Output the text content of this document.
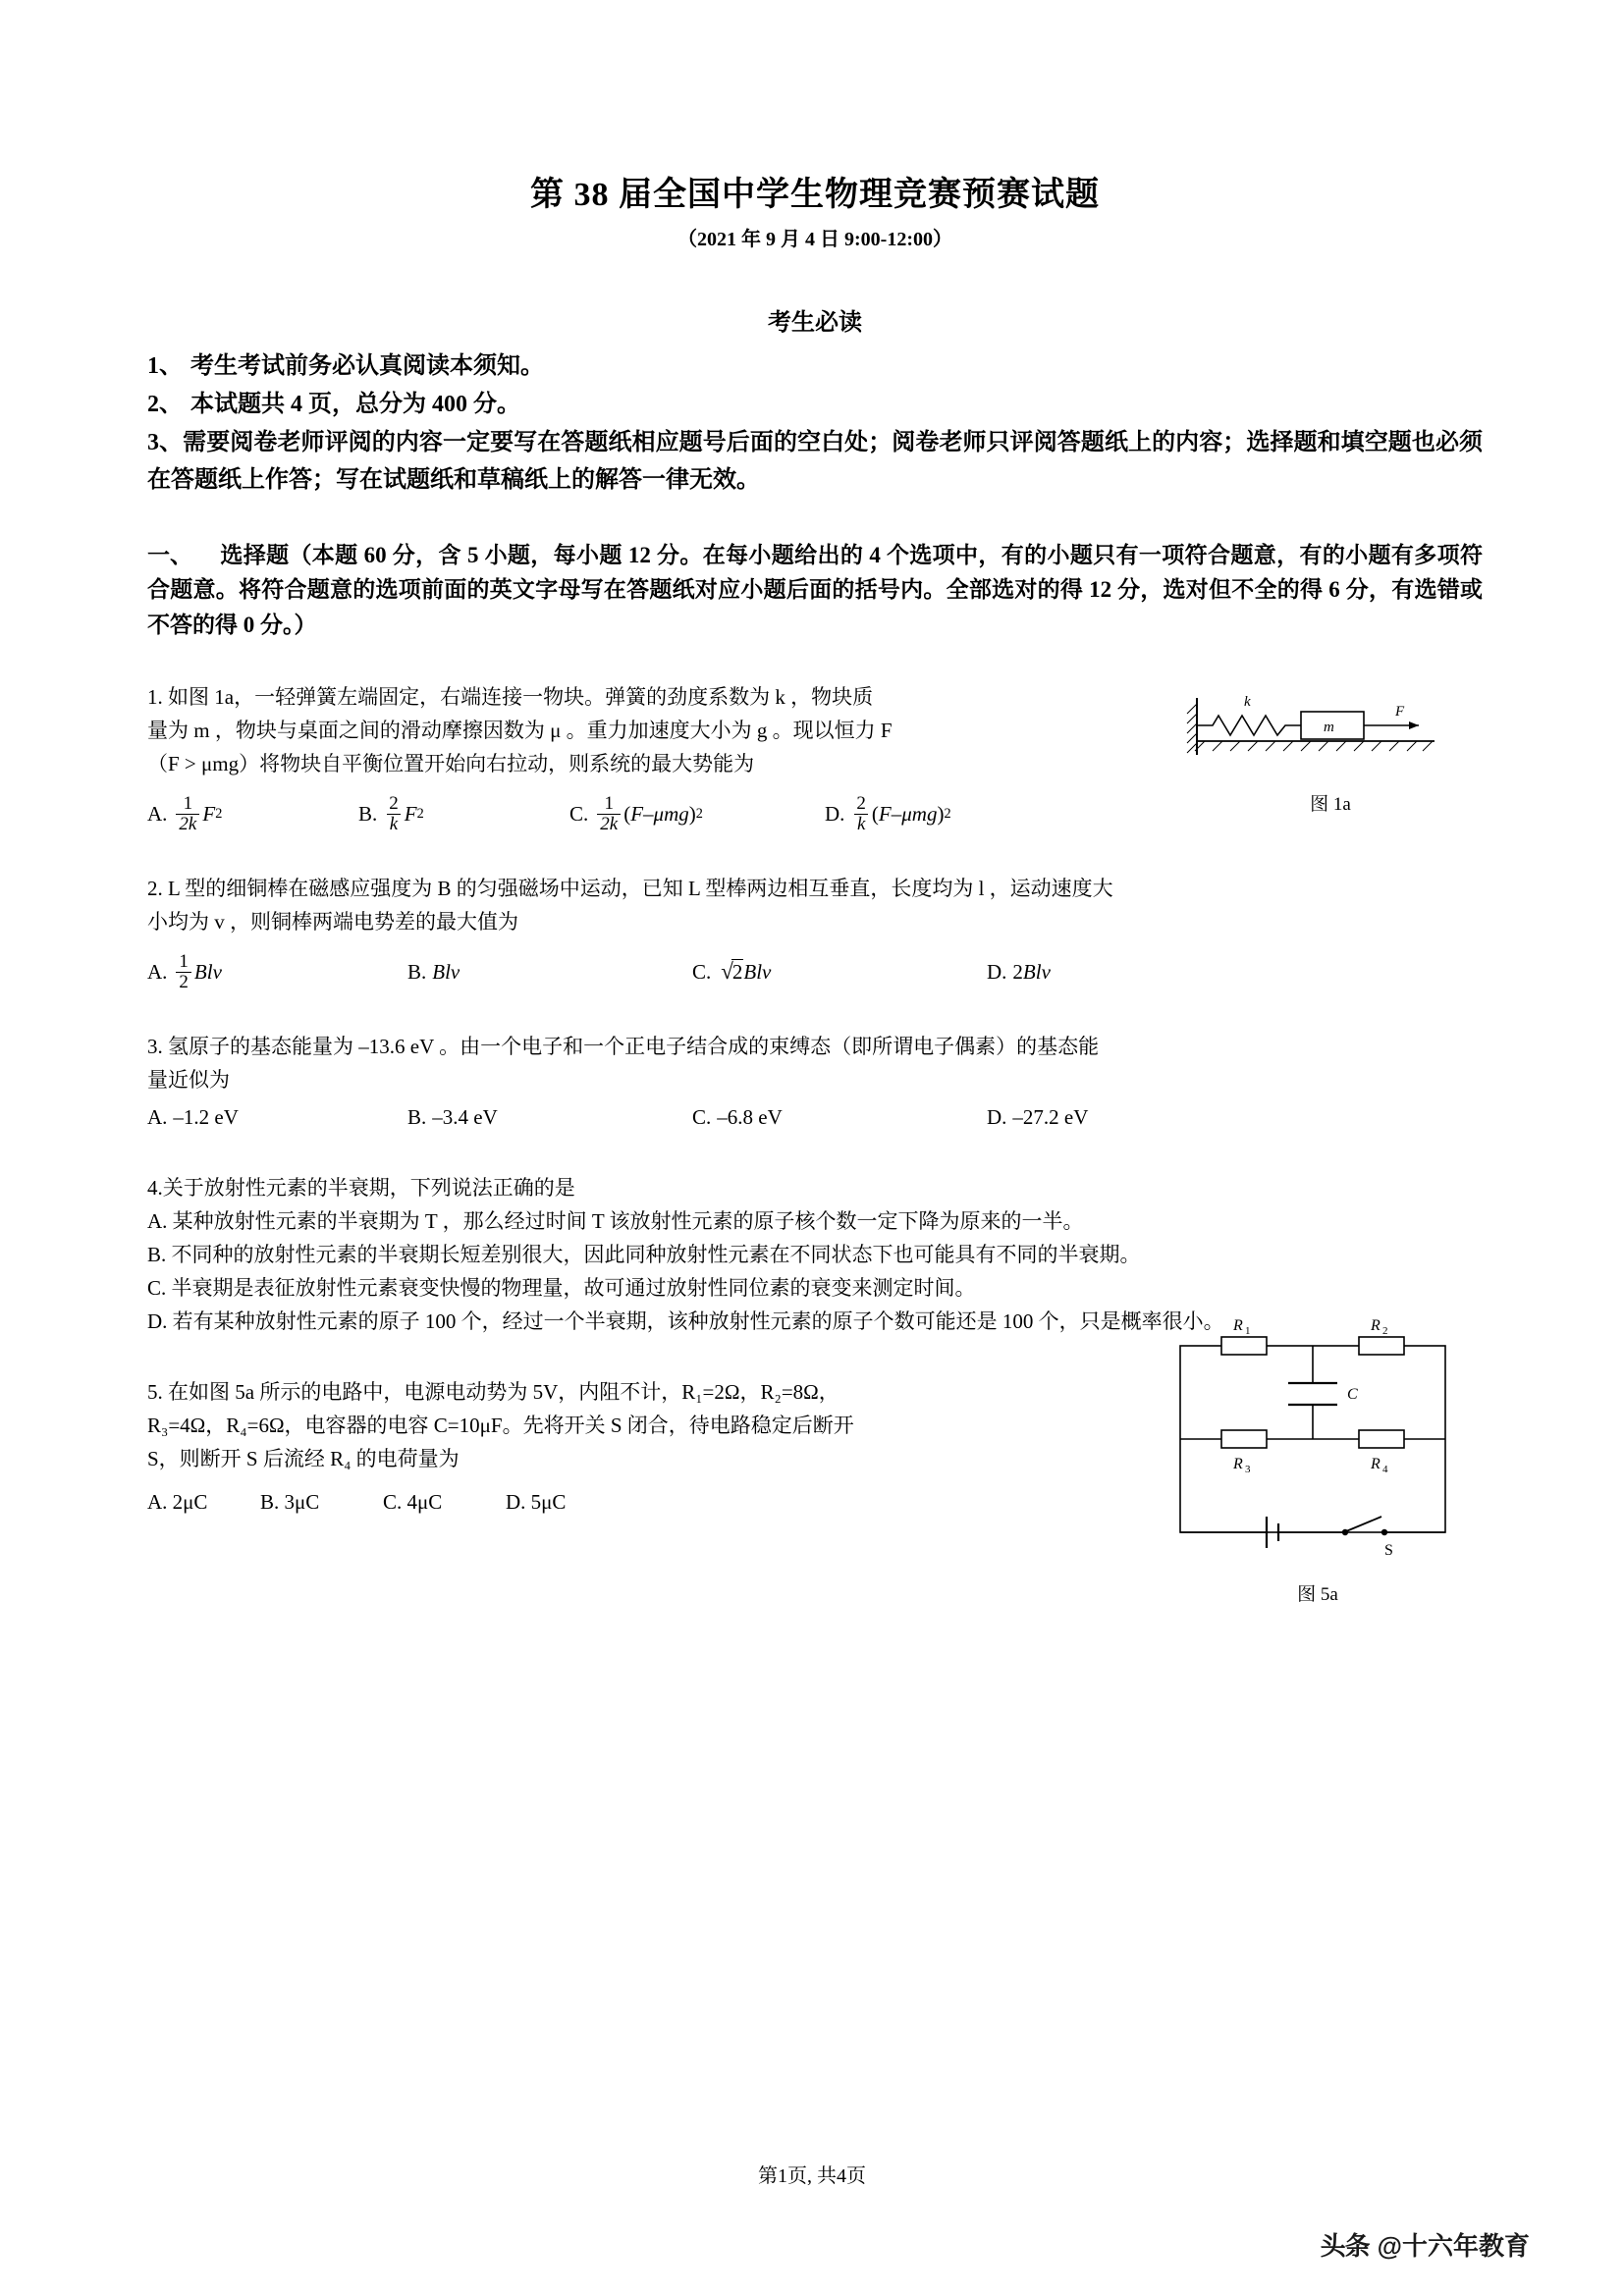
第 38 届全国中学生物理竞赛预赛试题
（2021 年 9 月 4 日 9:00-12:00）
考生必读
1、 考生考试前务必认真阅读本须知。
2、 本试题共 4 页，总分为 400 分。
3、需要阅卷老师评阅的内容一定要写在答题纸相应题号后面的空白处；阅卷老师只评阅答题纸上的内容；选择题和填空题也必须在答题纸上作答；写在试题纸和草稿纸上的解答一律无效。
一、 选择题（本题 60 分，含 5 小题，每小题 12 分。在每小题给出的 4 个选项中，有的小题只有一项符合题意，有的小题有多项符合题意。将符合题意的选项前面的英文字母写在答题纸对应小题后面的括号内。全部选对的得 12 分，选对但不全的得 6 分，有选错或不答的得 0 分。）
1. 如图 1a，一轻弹簧左端固定，右端连接一物块。弹簧的劲度系数为 k ，物块质
量为 m ，物块与桌面之间的滑动摩擦因数为 μ 。重力加速度大小为 g 。现以恒力 F
（F > μmg）将物块自平衡位置开始向右拉动，则系统的最大势能为
k
m
F
图 1a
A. $\frac{1}{2k}$ F 2	B. $\frac{2}{k}$ F 2	C. $\frac{1}{2k}$ ( F – μmg ) 2	D. $\frac{2}{k}$ ( F – μmg ) 2
2. L 型的细铜棒在磁感应强度为 B 的匀强磁场中运动，已知 L 型棒两边相互垂直，长度均为 l ，运动速度大
小均为 v ，则铜棒两端电势差的最大值为
A. $\frac{1}{2}$ Blv	B. Blv	C. √2 Blv	D. 2 Blv
3. 氢原子的基态能量为 –13.6 eV 。由一个电子和一个正电子结合成的束缚态（即所谓电子偶素）的基态能
量近似为
A. –1.2 eV	B. –3.4 eV	C. –6.8 eV	D. –27.2 eV
4.关于放射性元素的半衰期，下列说法正确的是
A. 某种放射性元素的半衰期为 T ，那么经过时间 T 该放射性元素的原子核个数一定下降为原来的一半。
B. 不同种的放射性元素的半衰期长短差别很大，因此同种放射性元素在不同状态下也可能具有不同的半衰期。
C. 半衰期是表征放射性元素衰变快慢的物理量，故可通过放射性同位素的衰变来测定时间。
D. 若有某种放射性元素的原子 100 个，经过一个半衰期，该种放射性元素的原子个数可能还是 100 个，只是概率很小。
5. 在如图 5a 所示的电路中，电源电动势为 5V，内阻不计，R₁=2Ω，R₂=8Ω，
R₃=4Ω，R₄=6Ω，电容器的电容 C=10μF。先将开关 S 闭合，待电路稳定后断开
S，则断开 S 后流经 R₄ 的电荷量为
R 1	R 2
C
R 3	R 4
S
图 5a
A. 2μC	B. 3μC	C. 4μC	D. 5μC
第1页, 共4页
头条 @十六年教育
